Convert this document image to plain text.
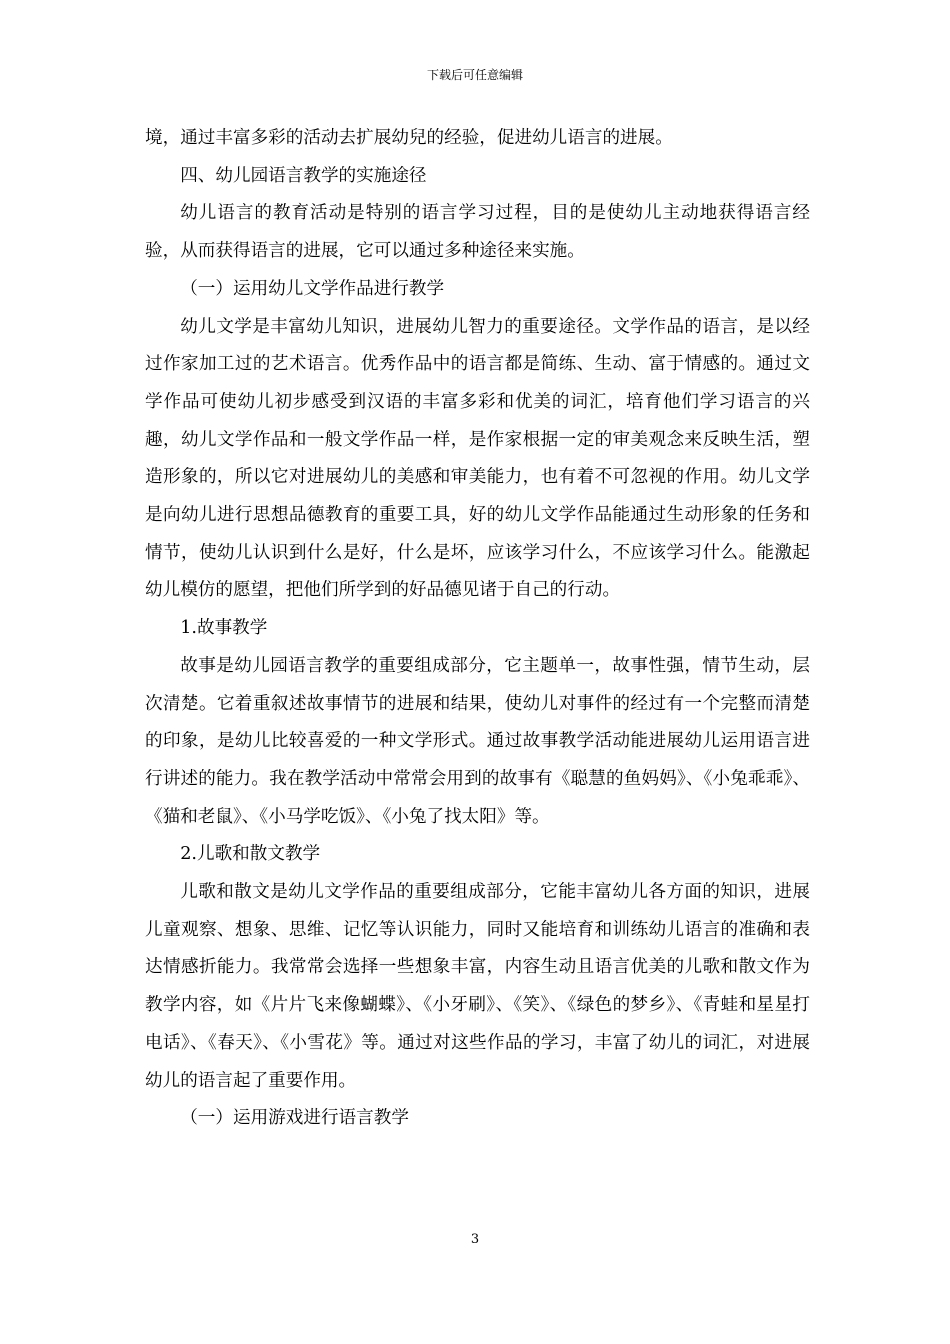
下载后可任意编辑

境，通过丰富多彩的活动去扩展幼兒的经验，促进幼儿语言的进展。

四、幼儿园语言教学的实施途径

幼儿语言的教育活动是特别的语言学习过程，目的是使幼儿主动地获得语言经验，从而获得语言的进展，它可以通过多种途径来实施。

（一）运用幼儿文学作品进行教学

幼儿文学是丰富幼儿知识，进展幼儿智力的重要途径。文学作品的语言，是以经过作家加工过的艺术语言。优秀作品中的语言都是简练、生动、富于情感的。通过文学作品可使幼儿初步感受到汉语的丰富多彩和优美的词汇，培育他们学习语言的兴趣，幼儿文学作品和一般文学作品一样，是作家根据一定的审美观念来反映生活，塑造形象的，所以它对进展幼儿的美感和审美能力，也有着不可忽视的作用。幼儿文学是向幼儿进行思想品德教育的重要工具，好的幼儿文学作品能通过生动形象的任务和情节，使幼儿认识到什么是好，什么是坏，应该学习什么，不应该学习什么。能激起幼儿模仿的愿望，把他们所学到的好品德见诸于自己的行动。

1.故事教学

故事是幼儿园语言教学的重要组成部分，它主题单一，故事性强，情节生动，层次清楚。它着重叙述故事情节的进展和结果，使幼儿对事件的经过有一个完整而清楚的印象，是幼儿比较喜爱的一种文学形式。通过故事教学活动能进展幼儿运用语言进行讲述的能力。我在教学活动中常常会用到的故事有《聪慧的鱼妈妈》、《小兔乖乖》、《猫和老鼠》、《小马学吃饭》、《小兔了找太阳》等。

2.儿歌和散文教学

儿歌和散文是幼儿文学作品的重要组成部分，它能丰富幼儿各方面的知识，进展儿童观察、想象、思维、记忆等认识能力，同时又能培育和训练幼儿语言的准确和表达情感折能力。我常常会选择一些想象丰富，内容生动且语言优美的儿歌和散文作为教学内容，如《片片飞来像蝴蝶》、《小牙刷》、《笑》、《绿色的梦乡》、《青蛙和星星打电话》、《春天》、《小雪花》等。通过对这些作品的学习，丰富了幼儿的词汇，对进展幼儿的语言起了重要作用。

（一）运用游戏进行语言教学

3
